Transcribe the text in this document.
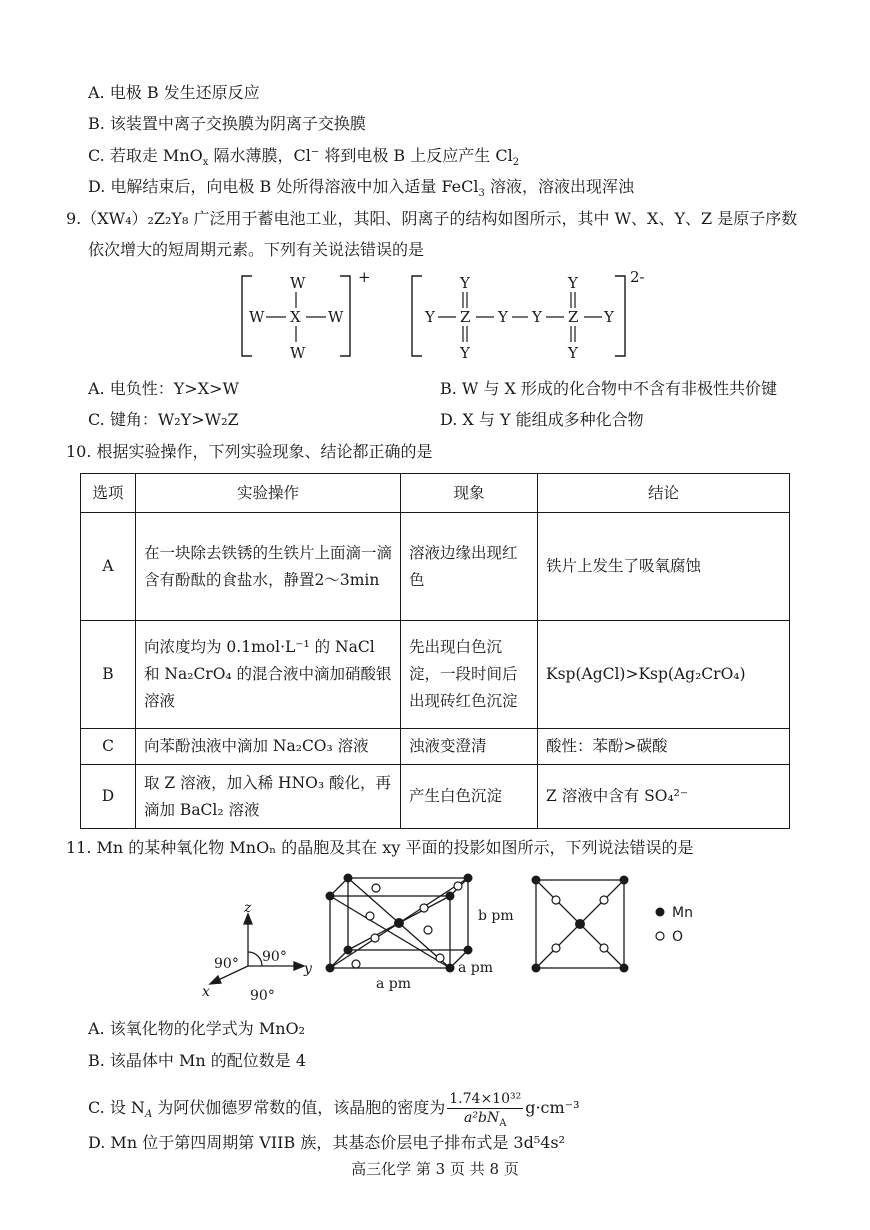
A. 电极 B 发生还原反应
B. 该装置中离子交换膜为阴离子交换膜
C. 若取走 MnO$_x$ 隔水薄膜，Cl− 将到电极 B 上反应产生 $Cl_2$
D. 电解结束后，向电极 B 处所得溶液中加入适量 FeCl$_3$ 溶液，溶液出现浑浊
9.（XW₄）₂Z₂Y₈ 广泛用于蓄电池工业，其阳、阴离子的结构如图所示，其中 W、X、Y、Z 是原子序数
依次增大的短周期元素。下列有关说法错误的是
+
W
W X W
W
2-
Y Z
Y
Y
Y Y Z
Y
Y
Y
A. 电负性：Y>X>W	B. W 与 X 形成的化合物中不含有非极性共价键
C. 键角：W₂Y>W₂Z	D. X 与 Y 能组成多种化合物
10. 根据实验操作，下列实验现象、结论都正确的是
选项	实验操作	现象	结论
A	在一块除去铁锈的生铁片上面滴一滴含有酚酞的食盐水，静置2～3min	溶液边缘出现红色	铁片上发生了吸氧腐蚀
B	向浓度均为 0.1mol·L⁻¹ 的 NaCl 和 Na₂CrO₄ 的混合液中滴加硝酸银溶液	先出现白色沉淀，一段时间后出现砖红色沉淀	Ksp(AgCl)>Ksp(Ag₂CrO₄)
C	向苯酚浊液中滴加 Na₂CO₃ 溶液	浊液变澄清	酸性：苯酚>碳酸
D	取 Z 溶液，加入稀 HNO₃ 酸化，再滴加 BaCl₂ 溶液	产生白色沉淀	Z 溶液中含有 SO₄²⁻
11. Mn 的某种氧化物 MnOₙ 的晶胞及其在 xy 平面的投影如图所示，下列说法错误的是
z
y
x
90° 90°
90°
b pm
a pm
a pm
Mn
O
A. 该氧化物的化学式为 MnO₂
B. 该晶体中 Mn 的配位数是 4
C. 设 $N_A$ 为阿伏伽德罗常数的值，该晶胞的密度为 $\frac{\text{1.74×10³²}}{a^2bN_A} g\cdot cm^{-3}$
D. Mn 位于第四周期第 VIIB 族，其基态价层电子排布式是 3d⁵4s²
高三化学 第 3 页 共 8 页
